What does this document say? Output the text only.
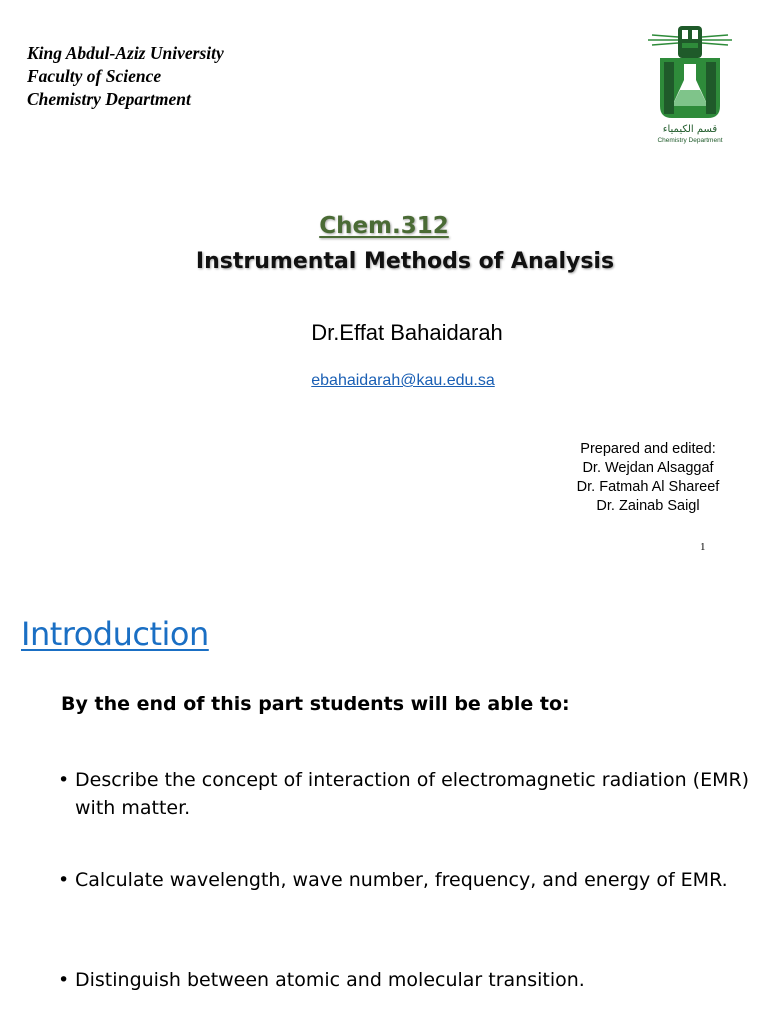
King Abdul-Aziz University
Faculty of Science
Chemistry Department
قسم الكيمياء
Chemistry Department
Chem.312
Instrumental Methods of Analysis
Dr.Effat Bahaidarah
ebahaidarah@kau.edu.sa
Prepared and edited:
Dr. Wejdan Alsaggaf
Dr. Fatmah Al Shareef
Dr. Zainab Saigl
1
Introduction
By the end of this part students will be able to:
• Describe the concept of interaction of electromagnetic radiation (EMR) with matter.
• Calculate wavelength, wave number, frequency, and energy of EMR.
• Distinguish between atomic and molecular transition.
